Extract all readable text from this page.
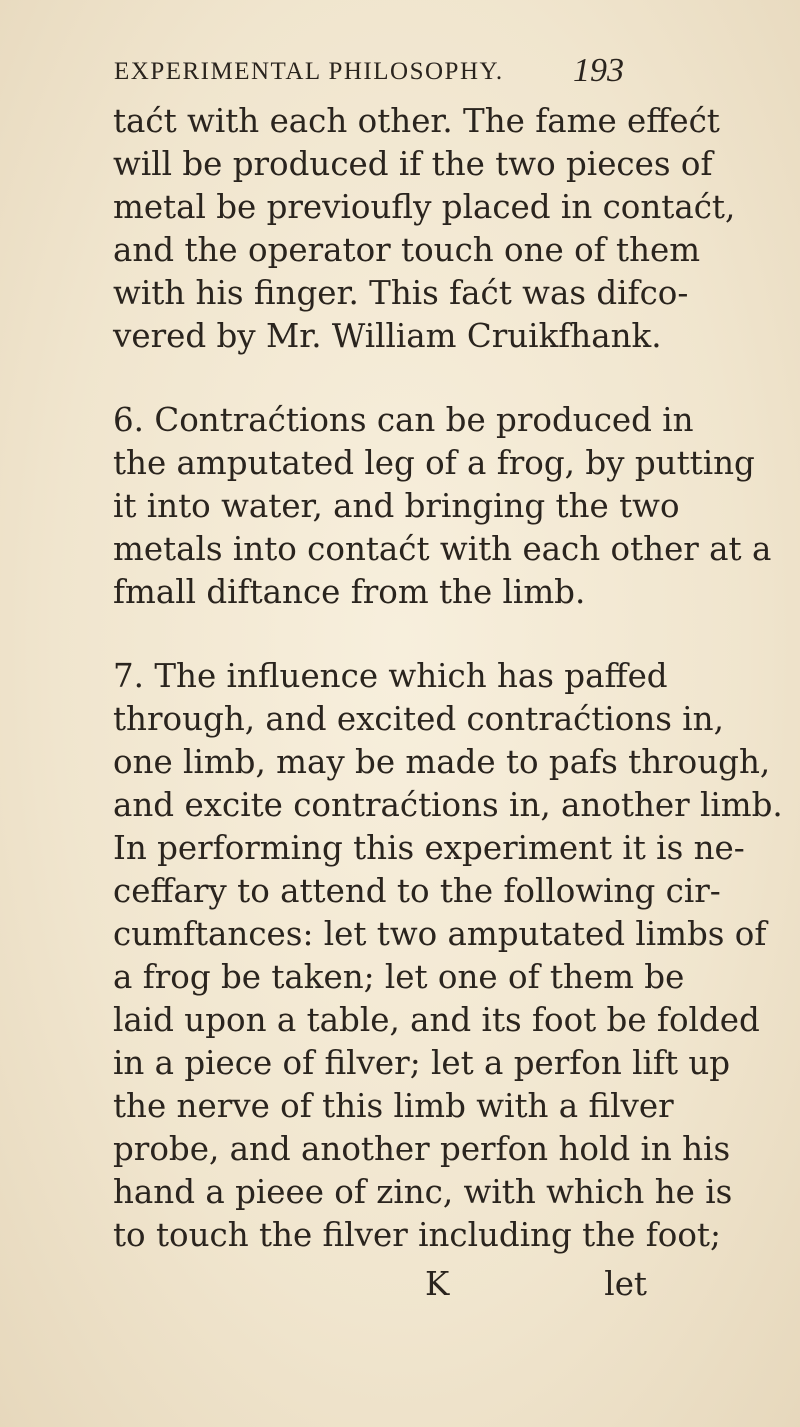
EXPERIMENTAL PHILOSOPHY. 193
taćt with each other. The fame effećt
will be produced if the two pieces of
metal be previoufly placed in contaćt,
and the operator touch one of them
with his finger. This faćt was difco-
vered by Mr. William Cruikfhank.
6. Contraćtions can be produced in
the amputated leg of a frog, by putting
it into water, and bringing the two
metals into contaćt with each other at a
fmall diftance from the limb.
7. The influence which has paffed
through, and excited contraćtions in,
one limb, may be made to pafs through,
and excite contraćtions in, another limb.
In performing this experiment it is ne-
ceffary to attend to the following cir-
cumftances: let two amputated limbs of
a frog be taken; let one of them be
laid upon a table, and its foot be folded
in a piece of filver; let a perfon lift up
the nerve of this limb with a filver
probe, and another perfon hold in his
hand a pieee of zinc, with which he is
to touch the filver including the foot;
K	let
